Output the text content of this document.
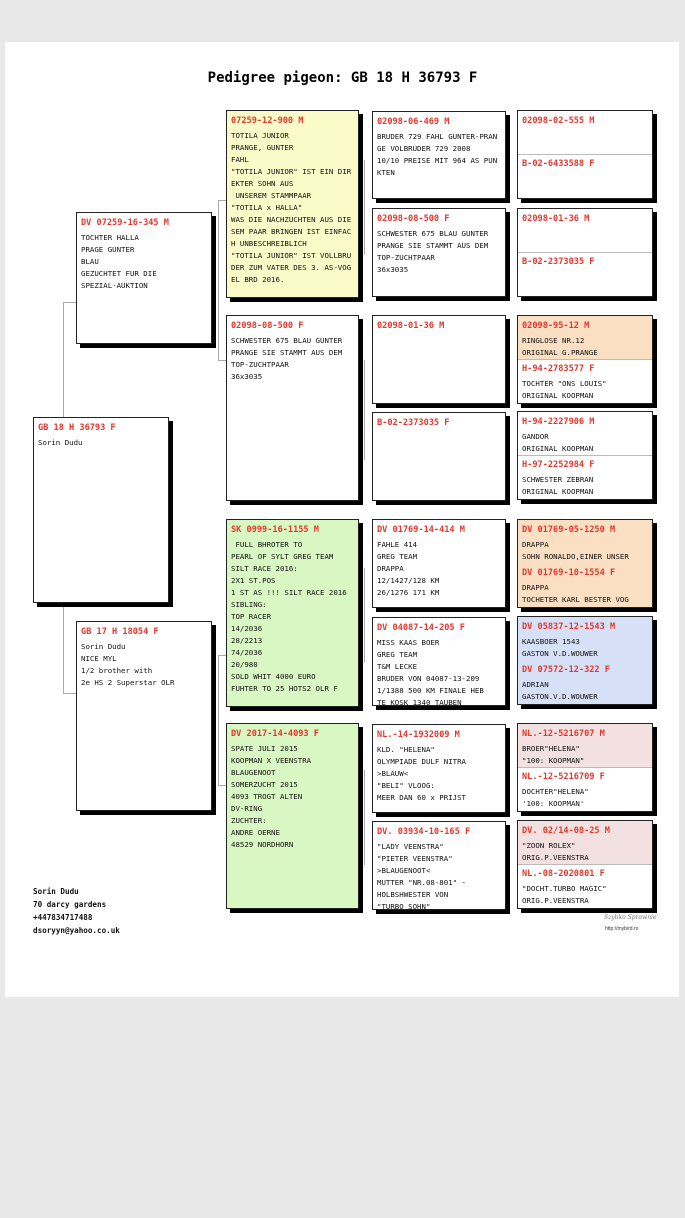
Pedigree pigeon: GB 18 H 36793 F
GB 18 H 36793 F
Sorin Dudu
DV 07259-16-345 M
TOCHTER HALLA
PRAGE GUNTER
BLAU
GEZUCHTET FUR DIE
SPEZIAL-AUKTION
GB 17 H 18054 F
Sorin Dudu
NICE MYL
1/2 brother with
2e HS 2 Superstar OLR
07259-12-900 M
TOTILA JUNIOR
PRANGE, GUNTER
FAHL
"TOTILA JUNIOR" IST EIN DIREKTER SOHN AUS
UNSEREM STAMMPAAR
"TOTILA x HALLA"
WAS DIE NACHZUCHTEN AUS DIESEM PAAR BRINGEN IST EINFACH UNBESCHREIBLICH
"TOTILA JUNIOR" IST VOLLBRUDER ZUM VATER DES 3. AS-VOGEL BRD 2016.
02098-08-500 F
SCHWESTER 675 BLAU GUNTER
PRANGE SIE STAMMT AUS DEM
TOP-ZUCHTPAAR
36x3035
SK 0999-16-1155 M
FULL BHROTER TO
PEARL OF SYLT GREG TEAM
SILT RACE 2016:
2X1 ST.POS
1 ST AS !!! SILT RACE 2016
SIBLING:
TOP RACER
14/2036
28/2213
74/2036
20/980
SOLD WHIT 4000 EURO
FUHTER TO 25 HOTS2 OLR F
DV 2017-14-4093 F
SPATE JULI 2015
KOOPMAN X VEENSTRA
BLAUGENOOT
SOMERZUCHT 2015
4093 TROGT ALTEN
DV-RING
ZUCHTER:
ANDRE OERNE
48529 NORDHORN
02098-06-469 M
BRUDER 729 FAHL GUNTER-PRANGE VOLBRUDER 729 2008
10/10 PREISE MIT 964 AS PUNKTEN
02098-08-500 F
SCHWESTER 675 BLAU GUNTER
PRANGE SIE STAMMT AUS DEM
TOP-ZUCHTPAAR
36x3035
02098-01-36 M
B-02-2373035 F
DV 01769-14-414 M
FAHLE 414
GREG TEAM
DRAPPA
12/1427/128 KM
26/1276 171 KM
DV 04087-14-205 F
MISS KAAS BOER
GREG TEAM
T&M LECKE
BRUDER VON 04087-13-209
1/1388 500 KM FINALE HEB
TE KOSK 1340 TAUBEN
NL.-14-1932009 M
KLD. "HELENA"
OLYMPIADE DULF NITRA
>BLAUW<
"BELI" VLOOG:
MEER DAN 60 x PRIJST
DV. 03934-10-165 F
"LADY VEENSTRA"
"PIETER VEENSTRA"
>BLAUGENOOT<
MUTTER "NR.08-801" -
HOLBSHWESTER VON
"TURBO SOHN"
02098-02-555 M
B-02-6433588 F
02098-01-36 M
B-02-2373035 F
02098-95-12 M
RINGLOSE NR.12
ORIGINAL G.PRANGE
H-94-2783577 F
TOCHTER "ONS LOUIS"
ORIGINAL KOOPMAN
H-94-2227906 M
GANDOR
ORIGINAL KOOPMAN
H-97-2252984 F
SCHWESTER ZEBRAN
ORIGINAL KOOPMAN
DV 01769-05-1250 M
DRAPPA
SOHN RONALDO,EINER UNSER
DV 01769-10-1554 F
DRAPPA
TOCHETER KARL BESTER VOG
DV 05837-12-1543 M
KAASBOER 1543
GASTON V.D.WOUWER
DV 07572-12-322 F
ADRIAN
GASTON.V.D.WOUWER
NL.-12-5216707 M
BROER"HELENA"
"100: KOOPMAN"
NL.-12-5216709 F
DOCHTER"HELENA"
'100: KOOPMAN'
DV. 02/14-08-25 M
"ZOON ROLEX"
ORIG.P.VEENSTRA
NL.-08-2020801 F
"DOCHT.TURBO MAGIC"
ORIG.P.VEENSTRA
Sorin Dudu
70 darcy gardens
+447834717488
dsoryyn@yahoo.co.uk
Szybko Sprawnie
http://mybird.ro
